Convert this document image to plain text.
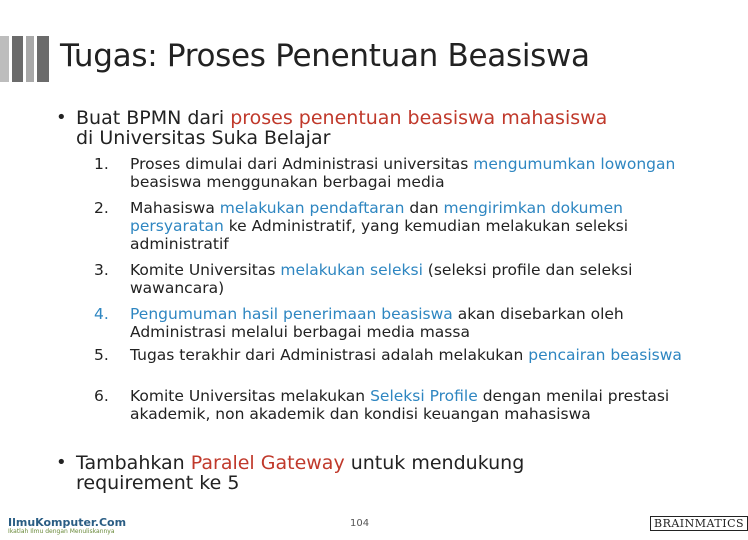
Tugas: Proses Penentuan Beasiswa
• Buat BPMN dari proses penentuan beasiswa mahasiswa
di Universitas Suka Belajar
1.	Proses dimulai dari Administrasi universitas mengumumkan lowongan beasiswa menggunakan berbagai media
2.	Mahasiswa melakukan pendaftaran dan mengirimkan dokumen persyaratan ke Administratif, yang kemudian melakukan seleksi administratif
3.	Komite Universitas melakukan seleksi (seleksi profile dan seleksi wawancara)
4.	Pengumuman hasil penerimaan beasiswa akan disebarkan oleh Administrasi melalui berbagai media massa
5.	Tugas terakhir dari Administrasi adalah melakukan pencairan beasiswa
6.	Komite Universitas melakukan Seleksi Profile dengan menilai prestasi akademik, non akademik dan kondisi keuangan mahasiswa
• Tambahkan Paralel Gateway untuk mendukung
requirement ke 5
IlmuKomputer.Com
Ikatlah Ilmu dengan Menuliskannya
104	BRAINMATICS
